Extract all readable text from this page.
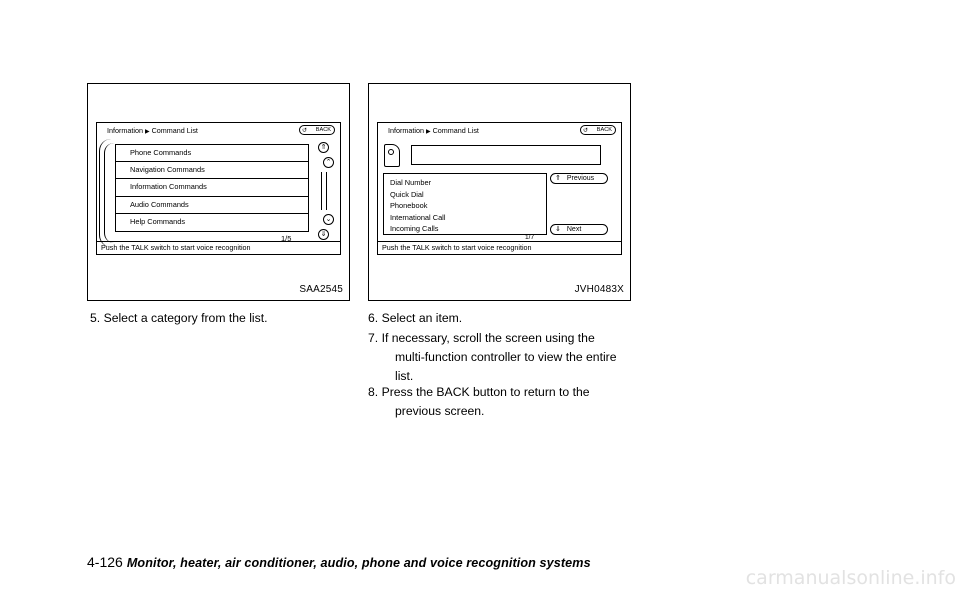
Information ▶ Command List	↺ BACK
Phone Commands
Navigation Commands
Information Commands
Audio Commands
Help Commands
1/5
⇑
⌃
⌄
⇓
Push the TALK switch to start voice recognition
SAA2545
Information ▶ Command List	↺ BACK
Dial Number
Quick Dial
Phonebook
International Call
Incoming Calls
1/7
⇑ Previous
⇓ Next
Push the TALK switch to start voice recognition
JVH0483X
5. Select a category from the list.	6. Select an item.
7. If necessary, scroll the screen using the
multi-function controller to view the entire
list.
8. Press the BACK button to return to the
previous screen.
4-126 Monitor, heater, air conditioner, audio, phone and voice recognition systems
carmanualsonline.info
